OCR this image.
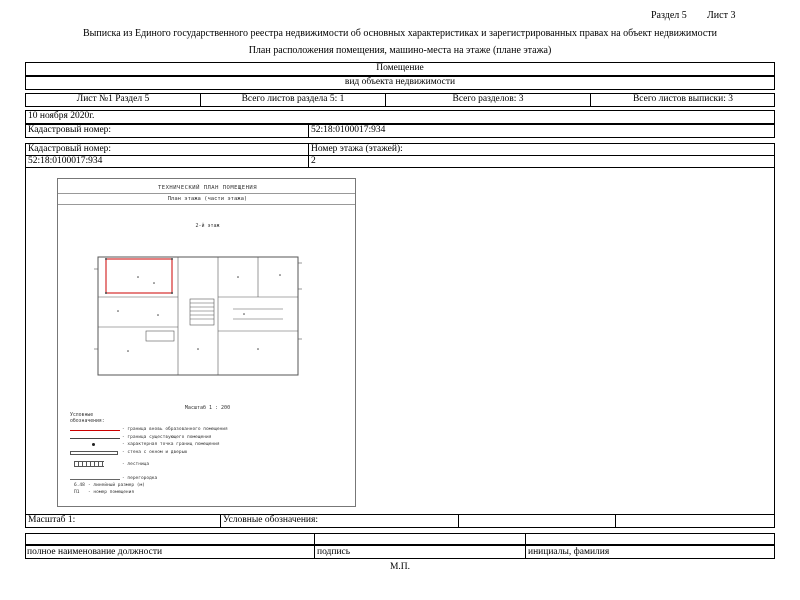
Раздел 5 Лист 3
Выписка из Единого государственного реестра недвижимости об основных характеристиках и зарегистрированных правах на объект недвижимости
План расположения помещения, машино-места на этаже (плане этажа)
Помещение
вид объекта недвижимости
Лист №1 Раздел 5	Всего листов раздела 5: 1	Всего разделов: 3	Всего листов выписки: 3
10 ноября 2020г.
Кадастровый номер:	52:18:0100017:934
Кадастровый номер:	Номер этажа (этажей):
52:18:0100017:934	2
ТЕХНИЧЕСКИЙ ПЛАН ПОМЕЩЕНИЯ
План этажа (части этажа)
2-й этаж
Масштаб 1 : 200
Условные
обозначения:
- граница вновь образованного помещения
- граница существующего помещения
- характерная точка границ помещения
- стена с окном и дверью
- лестница
- перегородка
6.48 - линейный размер (м)
П1 - номер помещения
Масштаб 1:	Условные обозначения:
полное наименование должности	подпись	инициалы, фамилия
М.П.
